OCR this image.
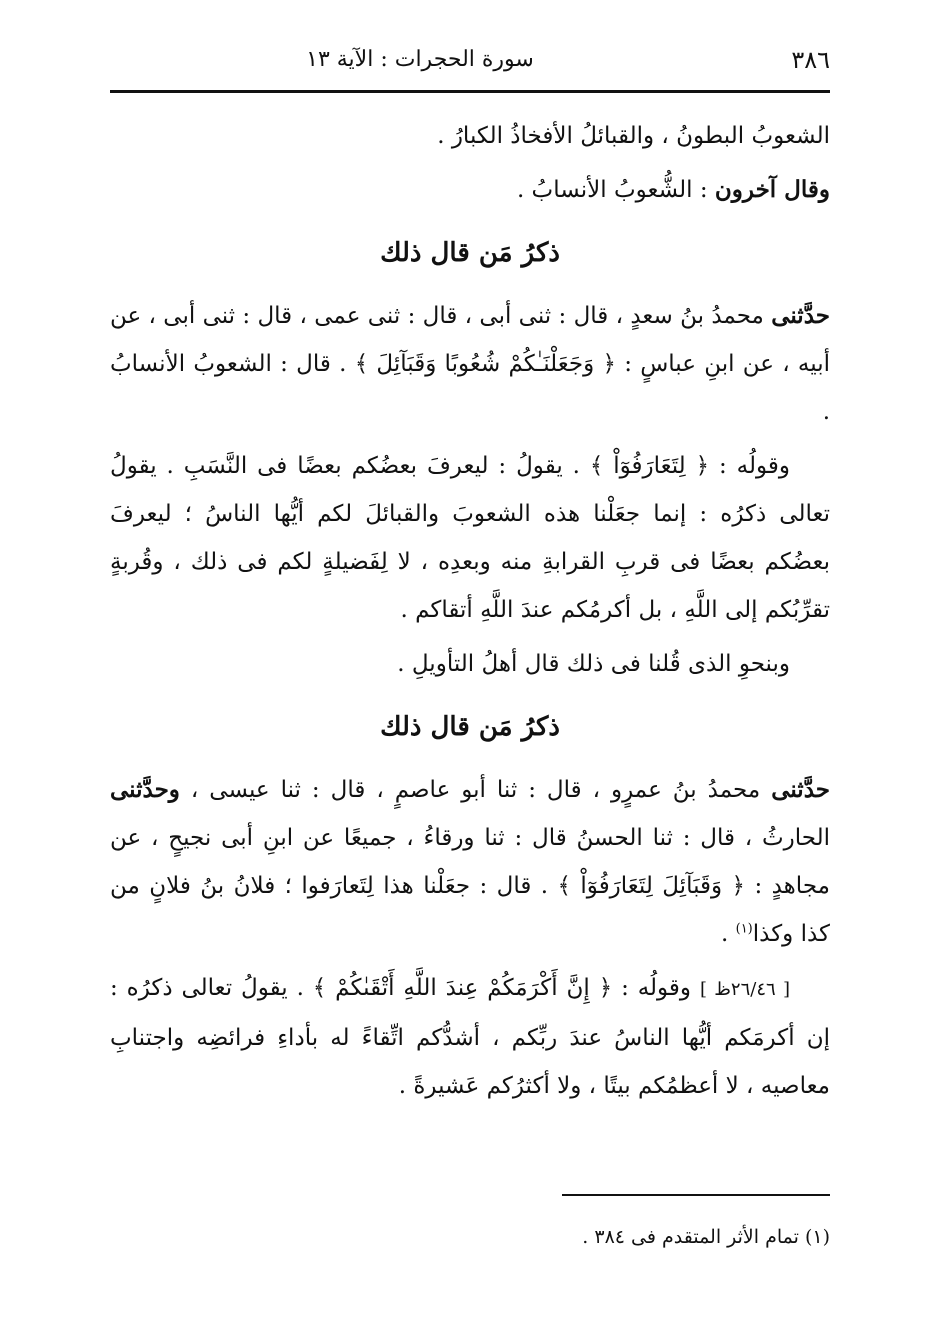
٣٨٦
سورة الحجرات : الآية ١٣

الشعوبُ البطونُ ، والقبائلُ الأفخاذُ الكبارُ .

وقال آخرون : الشُّعوبُ الأنسابُ .

ذكرُ مَن قال ذلك

حدَّثنى محمدُ بنُ سعدٍ ، قال : ثنى أبى ، قال : ثنى عمى ، قال : ثنى أبى ، عن أبيه ، عن ابنِ عباسٍ : ﴿ وَجَعَلْنَـٰكُمْ شُعُوبًا وَقَبَآئِلَ ﴾ . قال : الشعوبُ الأنسابُ .

وقولُه : ﴿ لِتَعَارَفُوٓاْ ﴾ . يقولُ : ليعرفَ بعضُكم بعضًا فى النَّسَبِ . يقولُ تعالى ذكرُه : إنما جعَلْنا هذه الشعوبَ والقبائلَ لكم أيُّها الناسُ ؛ ليعرفَ بعضُكم بعضًا فى قربِ القرابةِ منه وبعدِه ، لا لِفَضيلةٍ لكم فى ذلك ، وقُربةٍ تقرِّبُكم إلى اللَّهِ ، بل أكرمُكم عندَ اللَّهِ أتقاكم .

وبنحوِ الذى قُلنا فى ذلك قال أهلُ التأويلِ .

ذكرُ مَن قال ذلك

حدَّثنى محمدُ بنُ عمرٍو ، قال : ثنا أبو عاصمٍ ، قال : ثنا عيسى ، وحدَّثنى الحارثُ ، قال : ثنا الحسنُ قال : ثنا ورقاءُ ، جميعًا عن ابنِ أبى نجيحٍ ، عن مجاهدٍ : ﴿ وَقَبَآئِلَ لِتَعَارَفُوٓاْ ﴾ . قال : جعَلْنا هذا لِتَعارَفوا ؛ فلانُ بنُ فلانٍ من كذا وكذا$^{(١)}$ .

[ ٢٦/٤٦ظ ] وقولُه : ﴿ إِنَّ أَكْرَمَكُمْ عِندَ اللَّهِ أَتْقَىٰكُمْ ﴾ . يقولُ تعالى ذكرُه : إن أكرمَكم أيُّها الناسُ عندَ ربِّكم ، أشدُّكم اتِّقاءً له بأداءِ فرائضِه واجتنابِ معاصيه ، لا أعظمُكم بيتًا ، ولا أكثرُكم عَشيرةً .

(١) تمام الأثر المتقدم فى ٣٨٤ .
